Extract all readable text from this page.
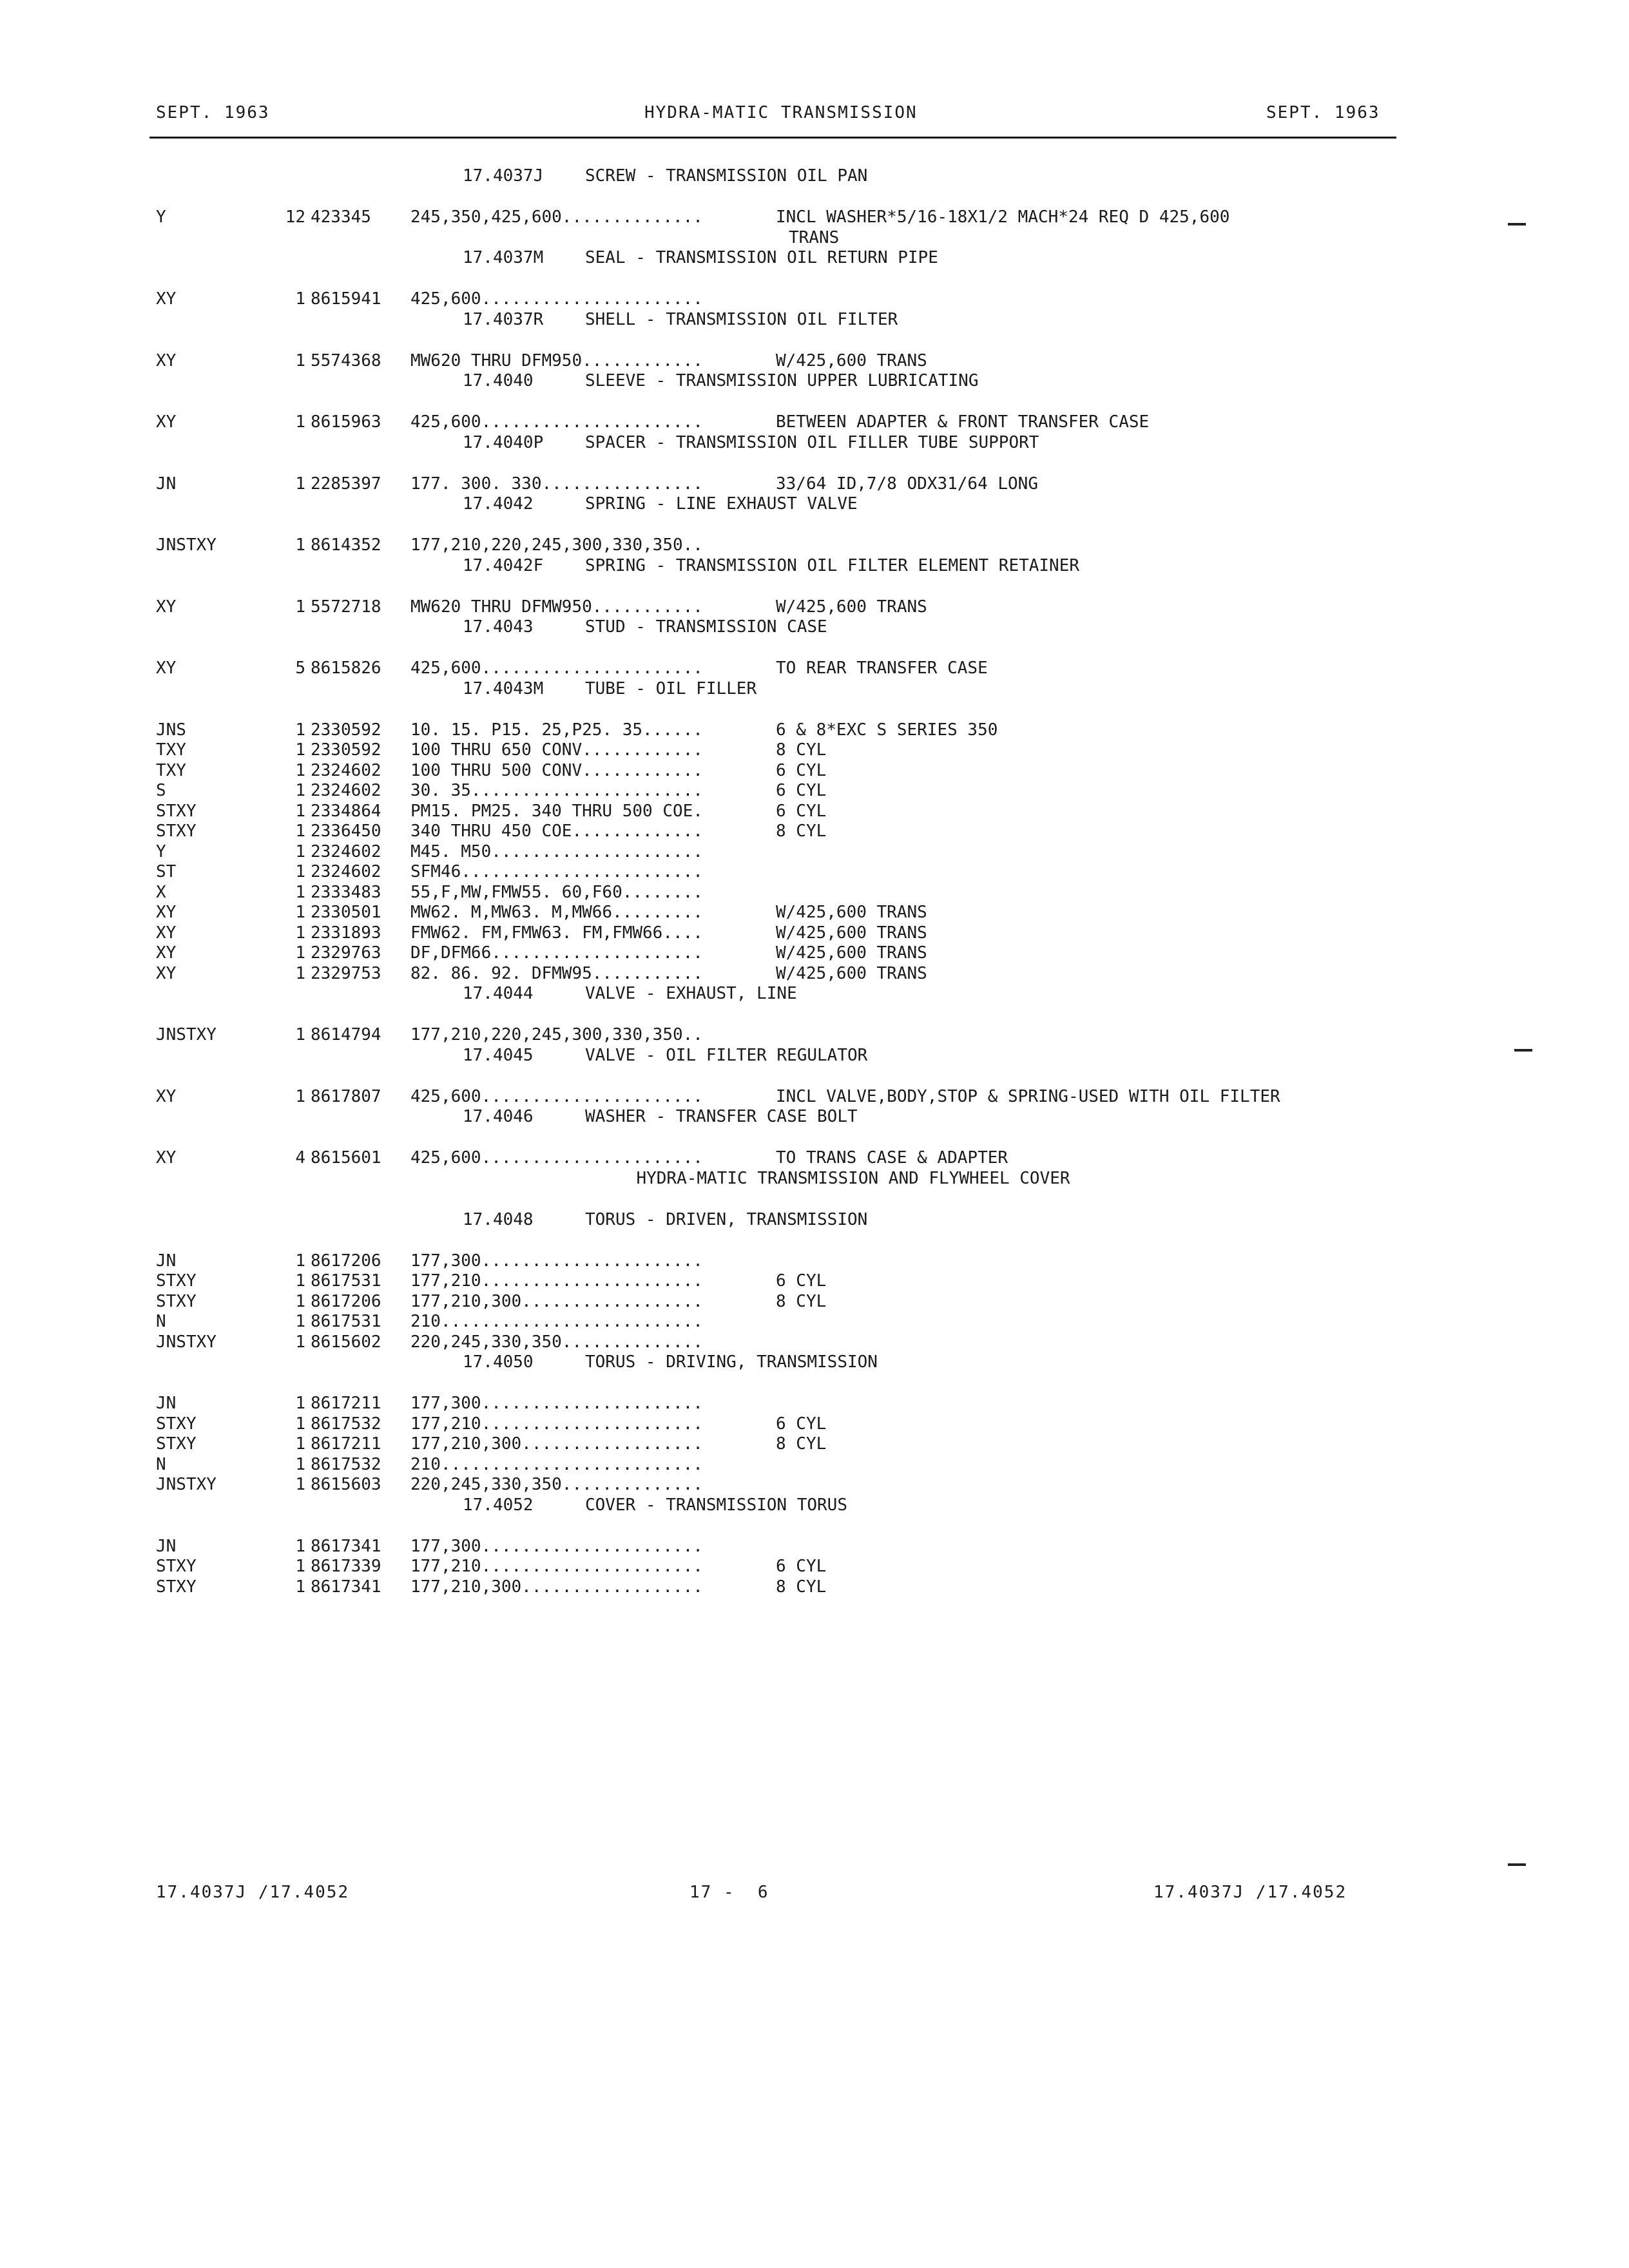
SEPT. 1963	HYDRA-MATIC TRANSMISSION	SEPT. 1963
17.4037J SCREW - TRANSMISSION OIL PAN
Y	12 423345 245,350,425,600..............	INCL WASHER*5/16-18X1/2 MACH*24 REQ D 425,600
TRANS
17.4037M SEAL - TRANSMISSION OIL RETURN PIPE
XY	1 8615941 425,600......................
17.4037R SHELL - TRANSMISSION OIL FILTER
XY	1 5574368 MW620 THRU DFM950............	W/425,600 TRANS
17.4040	SLEEVE - TRANSMISSION UPPER LUBRICATING
XY	1 8615963 425,600......................	BETWEEN ADAPTER & FRONT TRANSFER CASE
17.4040P SPACER - TRANSMISSION OIL FILLER TUBE SUPPORT
JN	1 2285397 177. 300. 330................	33/64 ID,7/8 ODX31/64 LONG
17.4042	SPRING - LINE EXHAUST VALVE
JNSTXY	1 8614352 177,210,220,245,300,330,350..
17.4042F SPRING - TRANSMISSION OIL FILTER ELEMENT RETAINER
XY	1 5572718 MW620 THRU DFMW950...........	W/425,600 TRANS
17.4043	STUD - TRANSMISSION CASE
XY	5 8615826 425,600......................	TO REAR TRANSFER CASE
17.4043M TUBE - OIL FILLER
JNS	1 2330592 10. 15. P15. 25,P25. 35......	6 & 8*EXC S SERIES 350
TXY	1 2330592 100 THRU 650 CONV............	8 CYL
TXY	1 2324602 100 THRU 500 CONV............	6 CYL
S	1 2324602 30. 35.......................	6 CYL
STXY	1 2334864 PM15. PM25. 340 THRU 500 COE.	6 CYL
STXY	1 2336450 340 THRU 450 COE.............	8 CYL
Y	1 2324602 M45. M50.....................
ST	1 2324602 SFM46........................
X	1 2333483 55,F,MW,FMW55. 60,F60........
XY	1 2330501 MW62. M,MW63. M,MW66.........	W/425,600 TRANS
XY	1 2331893 FMW62. FM,FMW63. FM,FMW66....	W/425,600 TRANS
XY	1 2329763 DF,DFM66.....................	W/425,600 TRANS
XY	1 2329753 82. 86. 92. DFMW95...........	W/425,600 TRANS
17.4044	VALVE - EXHAUST, LINE
JNSTXY	1 8614794 177,210,220,245,300,330,350..
17.4045	VALVE - OIL FILTER REGULATOR
XY	1 8617807 425,600......................	INCL VALVE,BODY,STOP & SPRING-USED WITH OIL FILTER
17.4046	WASHER - TRANSFER CASE BOLT
XY	4 8615601 425,600......................	TO TRANS CASE & ADAPTER
HYDRA-MATIC TRANSMISSION AND FLYWHEEL COVER
17.4048	TORUS - DRIVEN, TRANSMISSION
JN	1 8617206 177,300......................
STXY	1 8617531 177,210......................	6 CYL
STXY	1 8617206 177,210,300..................	8 CYL
N	1 8617531 210..........................
JNSTXY	1 8615602 220,245,330,350..............
17.4050	TORUS - DRIVING, TRANSMISSION
JN	1 8617211 177,300......................
STXY	1 8617532 177,210......................	6 CYL
STXY	1 8617211 177,210,300..................	8 CYL
N	1 8617532 210..........................
JNSTXY	1 8615603 220,245,330,350..............
17.4052	COVER - TRANSMISSION TORUS
JN	1 8617341 177,300......................
STXY	1 8617339 177,210......................	6 CYL
STXY	1 8617341 177,210,300..................	8 CYL
17.4037J /17.4052	17 -  6	17.4037J /17.4052
